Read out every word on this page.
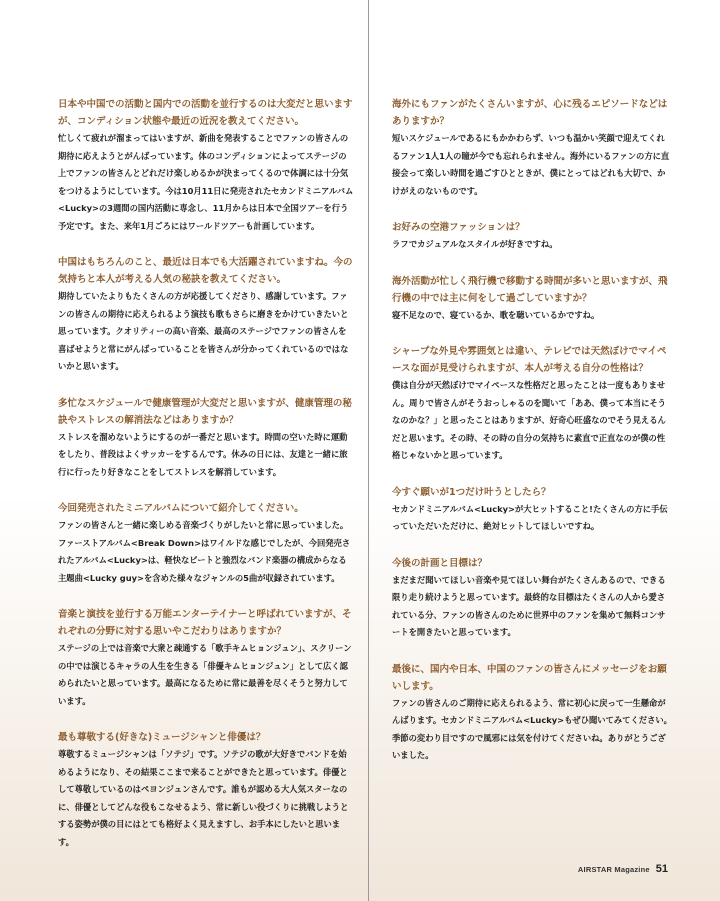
日本や中国での活動と国内での活動を並行するのは大変だと思いますが、コンディション状態や最近の近況を教えてください。

忙しくて疲れが溜まってはいますが、新曲を発表することでファンの皆さんの期待に応えようとがんばっています。体のコンディションによってステージの上でファンの皆さんとどれだけ楽しめるかが決まってくるので体調には十分気をつけるようにしています。今は10月11日に発売されたセカンドミニアルバム<Lucky>の3週間の国内活動に専念し、11月からは日本で全国ツアーを行う予定です。また、来年1月ごろにはワールドツアーも計画しています。

中国はもちろんのこと、最近は日本でも大活躍されていますね。今の気持ちと本人が考える人気の秘訣を教えてください。

期待していたよりもたくさんの方が応援してくださり、感謝しています。ファンの皆さんの期待に応えられるよう演技も歌もさらに磨きをかけていきたいと思っています。クオリティーの高い音楽、最高のステージでファンの皆さんを喜ばせようと常にがんばっていることを皆さんが分かってくれているのではないかと思います。

多忙なスケジュールで健康管理が大変だと思いますが、健康管理の秘訣やストレスの解消法などはありますか？

ストレスを溜めないようにするのが一番だと思います。時間の空いた時に運動をしたり、普段はよくサッカーをするんです。休みの日には、友達と一緒に旅行に行ったり好きなことをしてストレスを解消しています。

今回発売されたミニアルバムについて紹介してください。

ファンの皆さんと一緒に楽しめる音楽づくりがしたいと常に思っていました。ファーストアルバム<Break Down>はワイルドな感じでしたが、今回発売されたアルバム<Lucky>は、軽快なビートと強烈なバンド楽器の構成からなる主題曲<Lucky guy>を含めた様々なジャンルの5曲が収録されています。

音楽と演技を並行する万能エンターテイナーと呼ばれていますが、それぞれの分野に対する思いやこだわりはありますか？

ステージの上では音楽で大衆と疎通する「歌手キムヒョンジュン」、スクリーンの中では演じるキャラの人生を生きる「俳優キムヒョンジュン」として広く認められたいと思っています。最高になるために常に最善を尽くそうと努力しています。

最も尊敬する(好きな)ミュージシャンと俳優は？

尊敬するミュージシャンは「ソテジ」です。ソテジの歌が大好きでバンドを始めるようになり、その結果ここまで来ることができたと思っています。俳優として尊敬しているのはペヨンジュンさんです。誰もが認める大人気スターなのに、俳優としてどんな役もこなせるよう、常に新しい役づくりに挑戦しようとする姿勢が僕の目にはとても格好よく見えますし、お手本にしたいと思います。

海外にもファンがたくさんいますが、心に残るエピソードなどはありますか？

短いスケジュールであるにもかかわらず、いつも温かい笑顔で迎えてくれるファン1人1人の瞳が今でも忘れられません。海外にいるファンの方に直接会って楽しい時間を過ごすひとときが、僕にとってはどれも大切で、かけがえのないものです。

お好みの空港ファッションは？

ラフでカジュアルなスタイルが好きですね。

海外活動が忙しく飛行機で移動する時間が多いと思いますが、飛行機の中では主に何をして過ごしていますか？

寝不足なので、寝ているか、歌を聴いているかですね。

シャープな外見や雰囲気とは違い、テレビでは天然ぼけでマイペースな面が見受けられますが、本人が考える自分の性格は？

僕は自分が天然ぼけでマイペースな性格だと思ったことは一度もありません。周りで皆さんがそうおっしゃるのを聞いて「ああ、僕って本当にそうなのかな？」と思ったことはありますが、好奇心旺盛なのでそう見えるんだと思います。その時、その時の自分の気持ちに素直で正直なのが僕の性格じゃないかと思っています。

今すぐ願いが1つだけ叶うとしたら？

セカンドミニアルバム<Lucky>が大ヒットすること!たくさんの方に手伝っていただいただけに、絶対ヒットしてほしいですね。

今後の計画と目標は？

まだまだ聞いてほしい音楽や見てほしい舞台がたくさんあるので、できる限り走り続けようと思っています。最終的な目標はたくさんの人から愛されている分、ファンの皆さんのために世界中のファンを集めて無料コンサートを開きたいと思っています。

最後に、国内や日本、中国のファンの皆さんにメッセージをお願いします。

ファンの皆さんのご期待に応えられるよう、常に初心に戻って一生懸命がんばります。セカンドミニアルバム<Lucky>もぜひ聞いてみてください。季節の変わり目ですので風邪には気を付けてくださいね。ありがとうございました。

AIRSTAR Magazine 51
